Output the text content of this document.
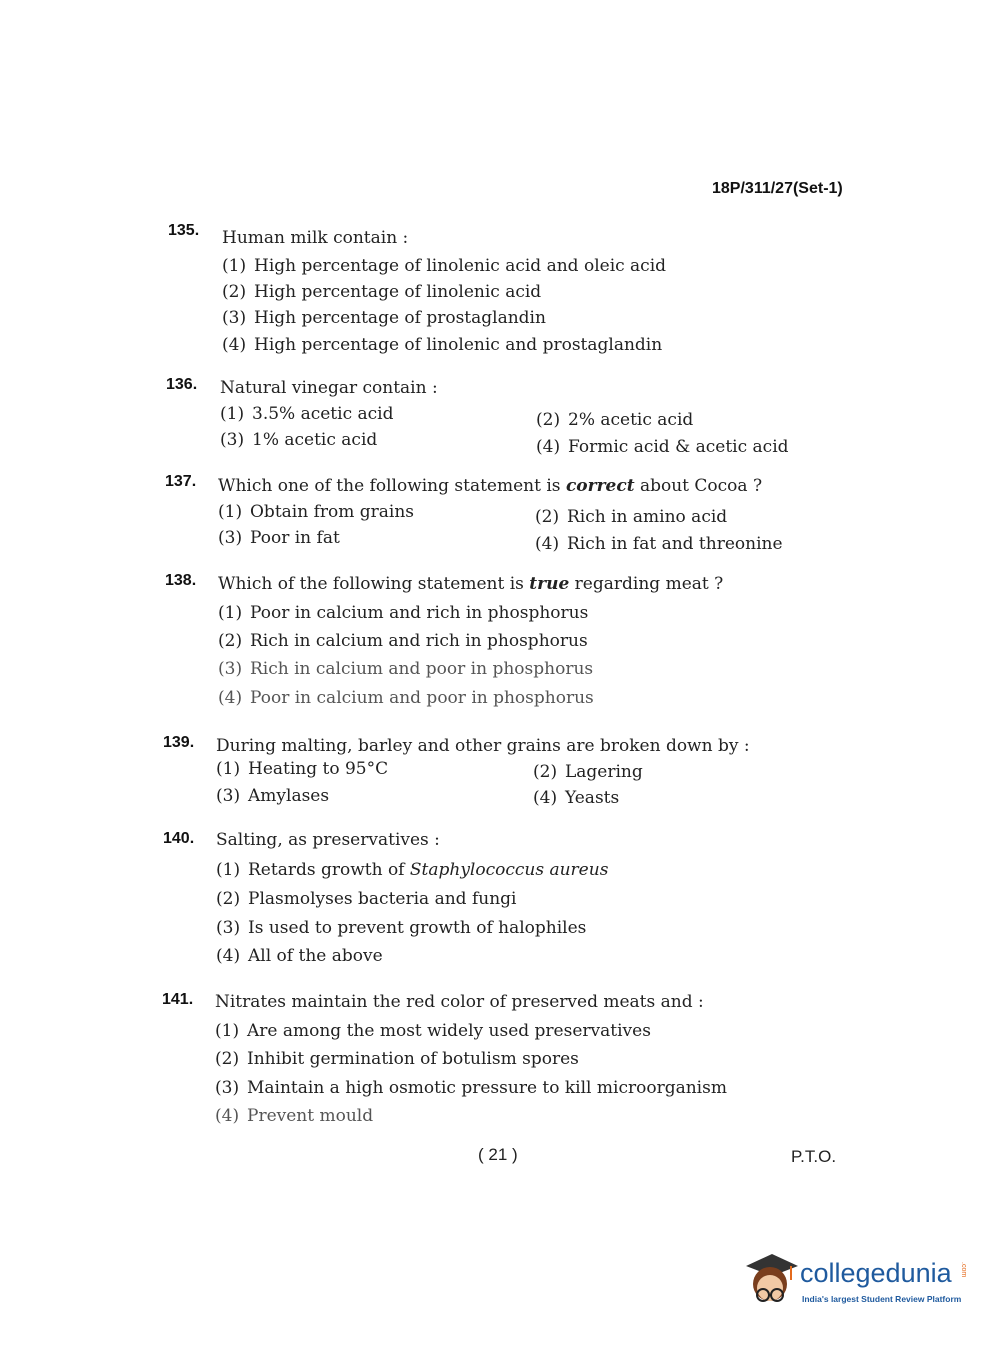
18P/311/27(Set-1)
135. Human milk contain :
(1) High percentage of linolenic acid and oleic acid
(2) High percentage of linolenic acid
(3) High percentage of prostaglandin
(4) High percentage of linolenic and prostaglandin
136. Natural vinegar contain :
(1) 3.5% acetic acid	(2) 2% acetic acid
(3) 1% acetic acid	(4) Formic acid & acetic acid
137. Which one of the following statement is correct about Cocoa ?
(1) Obtain from grains	(2) Rich in amino acid
(3) Poor in fat	(4) Rich in fat and threonine
138. Which of the following statement is true regarding meat ?
(1) Poor in calcium and rich in phosphorus
(2) Rich in calcium and rich in phosphorus
(3) Rich in calcium and poor in phosphorus
(4) Poor in calcium and poor in phosphorus
139. During malting, barley and other grains are broken down by :
(1) Heating to 95°C	(2) Lagering
(3) Amylases	(4) Yeasts
140. Salting, as preservatives :
(1) Retards growth of Staphylococcus aureus
(2) Plasmolyses bacteria and fungi
(3) Is used to prevent growth of halophiles
(4) All of the above
141. Nitrates maintain the red color of preserved meats and :
(1) Are among the most widely used preservatives
(2) Inhibit germination of botulism spores
(3) Maintain a high osmotic pressure to kill microorganism
(4) Prevent mould
( 21 )	P.T.O.
collegedunia .com
India's largest Student Review Platform
